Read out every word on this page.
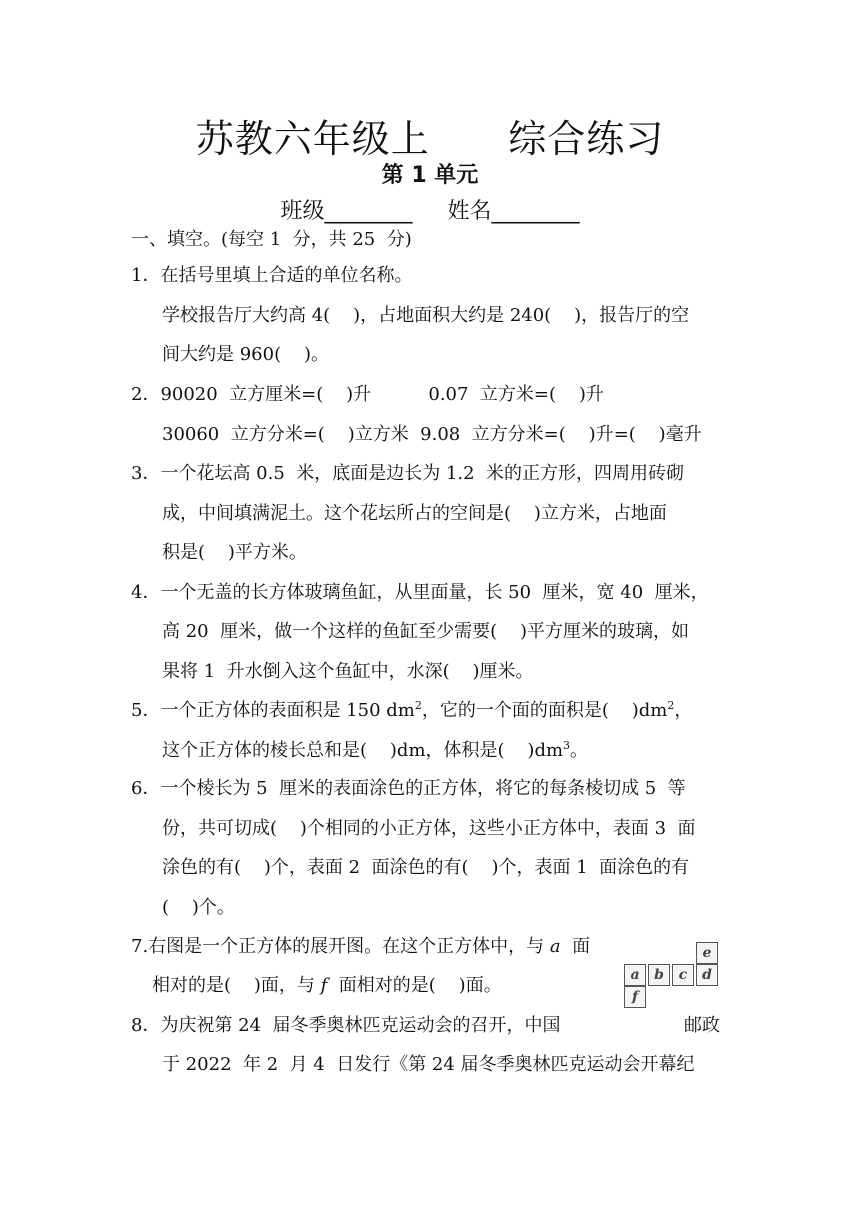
苏教六年级上      综合练习
第 1 单元
班级________     姓名________
一、填空。(每空 1  分，共 25  分)
1．在括号里填上合适的单位名称。
学校报告厅大约高 4(    )，占地面积大约是 240(    )，报告厅的空
间大约是 960(    )。
2．90020  立方厘米=(    )升          0.07  立方米=(    )升
30060  立方分米=(    )立方米  9.08  立方分米=(    )升=(    )毫升
3．一个花坛高 0.5  米，底面是边长为 1.2  米的正方形，四周用砖砌
成，中间填满泥土。这个花坛所占的空间是(    )立方米，占地面
积是(    )平方米。
4．一个无盖的长方体玻璃鱼缸，从里面量，长 50  厘米，宽 40  厘米，
高 20  厘米，做一个这样的鱼缸至少需要(    )平方厘米的玻璃，如
果将 1  升水倒入这个鱼缸中，水深(    )厘米。
5．一个正方体的表面积是 150 $dm^2$，它的一个面的面积是(    )$dm^2$，
这个正方体的棱长总和是(    )dm，体积是(    )$dm^3$。
6．一个棱长为 5  厘米的表面涂色的正方体，将它的每条棱切成 5  等
份，共可切成(    )个相同的小正方体，这些小正方体中，表面 3  面
涂色的有(    )个，表面 2  面涂色的有(    )个，表面 1  面涂色的有
(    )个。
7.右图是一个正方体的展开图。在这个正方体中，与 a  面
相对的是(    )面，与 f  面相对的是(    )面。
e
a	b	c	d
f
8．为庆祝第 24  届冬季奥林匹克运动会的召开，中国	邮政
于 2022  年 2  月 4  日发行《第 24 届冬季奥林匹克运动会开幕纪
